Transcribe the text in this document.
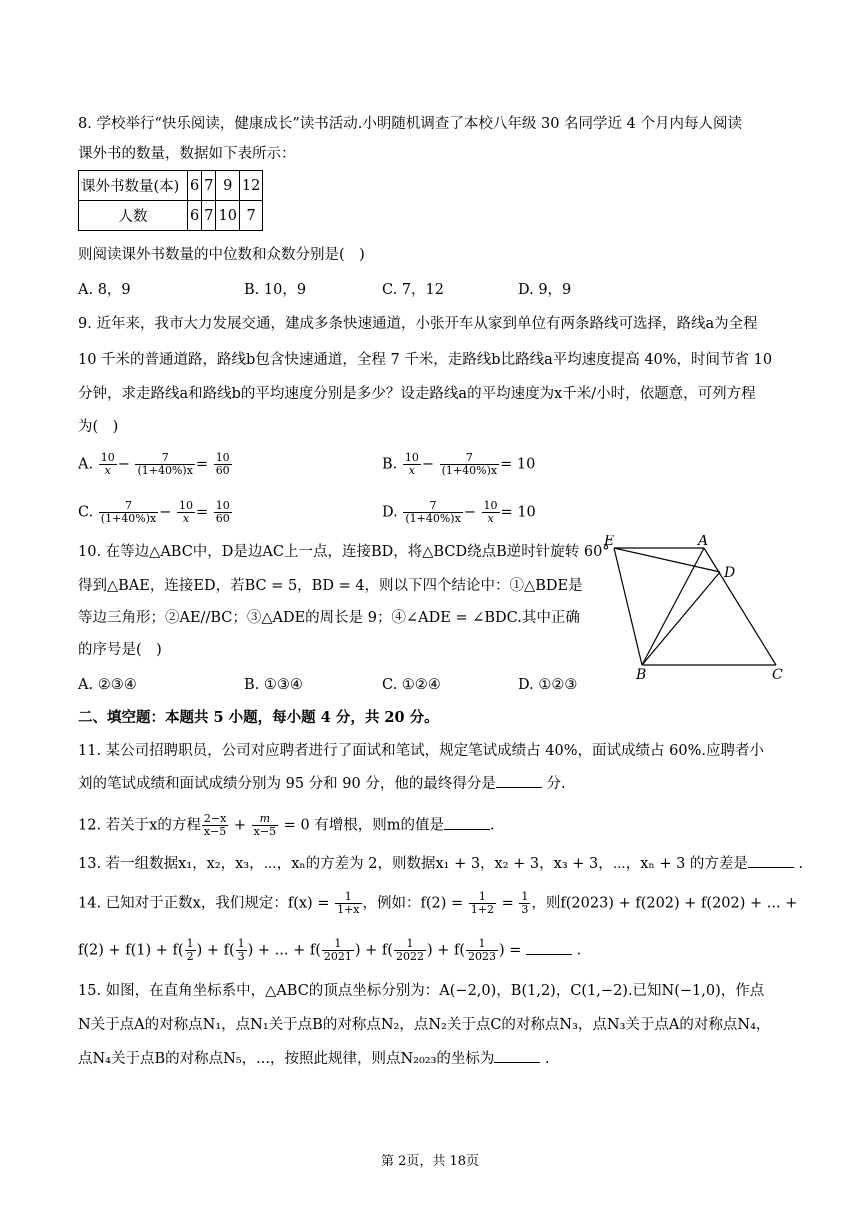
8. 学校举行“快乐阅读，健康成长”读书活动.小明随机调查了本校八年级 30 名同学近 4 个月内每人阅读
课外书的数量，数据如下表所示：
课外书数量(本)	6	7	9	12
人数	6	7	10	7
则阅读课外书数量的中位数和众数分别是(　)
A. 8，9	B. 10，9	C. 7，12	D. 9，9
9. 近年来，我市大力发展交通，建成多条快速通道，小张开车从家到单位有两条路线可选择，路线a为全程
10 千米的普通道路，路线b包含快速通道，全程 7 千米，走路线b比路线a平均速度提高 40%，时间节省 10
分钟，求走路线a和路线b的平均速度分别是多少？设走路线a的平均速度为x千米/小时，依题意，可列方程
为(　)
A. $\frac{10}{x} - \frac{7}{(1+40\%)x} = \frac{10}{60}$	B. $\frac{10}{x} - \frac{7}{(1+40\%)x} = 10$
C. $\frac{7}{(1+40\%)x} - \frac{10}{x} = \frac{10}{60}$	D. $\frac{7}{(1+40\%)x} - \frac{10}{x} = 10$
10. 在等边△ABC中，D是边AC上一点，连接BD，将△BCD绕点B逆时针旋转 60°
得到△BAE，连接ED，若BC = 5，BD = 4，则以下四个结论中：①△BDE是
等边三角形；②AE//BC；③△ADE的周长是 9；④∠ADE = ∠BDC.其中正确
的序号是(　)
A. ②③④	B. ①③④	C. ①②④	D. ①②③
E	A
D
B	C
二、填空题：本题共 5 小题，每小题 4 分，共 20 分。
11. 某公司招聘职员，公司对应聘者进行了面试和笔试，规定笔试成绩占 40%，面试成绩占 60%.应聘者小
刘的笔试成绩和面试成绩分别为 95 分和 90 分，他的最终得分是	分.
12. 若关于x的方程 $\frac{2-x}{x-5} + \frac{m}{x-5} = 0$ 有增根，则m的值是	.
13. 若一组数据x₁，x₂，x₃，⋯，xₙ的方差为 2，则数据x₁ + 3，x₂ + 3，x₃ + 3，⋯，xₙ + 3 的方差是	.
14. 已知对于正数x，我们规定：$f(x) = \frac{1}{1+x}$ ，例如：$f(2) = \frac{1}{1+2} = \frac{1}{3}$ ，则f(2023) + f(202) + f(202) + ... +
$f(2) + f(1) + f( \frac{1}{2}$ ) + $f( \frac{1}{3}$ ) + ... + $f( \frac{1}{2021}$ ) + $f( \frac{1}{2022}$ ) + $f( \frac{1}{2023}$ ) =	.
15. 如图，在直角坐标系中，△ABC的顶点坐标分别为：A(−2,0)，B(1,2)，C(1,−2).已知N(−1,0)，作点
N关于点A的对称点N₁，点N₁关于点B的对称点N₂，点N₂关于点C的对称点N₃，点N₃关于点A的对称点N₄，
点N₄关于点B的对称点N₅，...，按照此规律，则点N₂₀₂₃的坐标为	.
第 2页，共 18页
